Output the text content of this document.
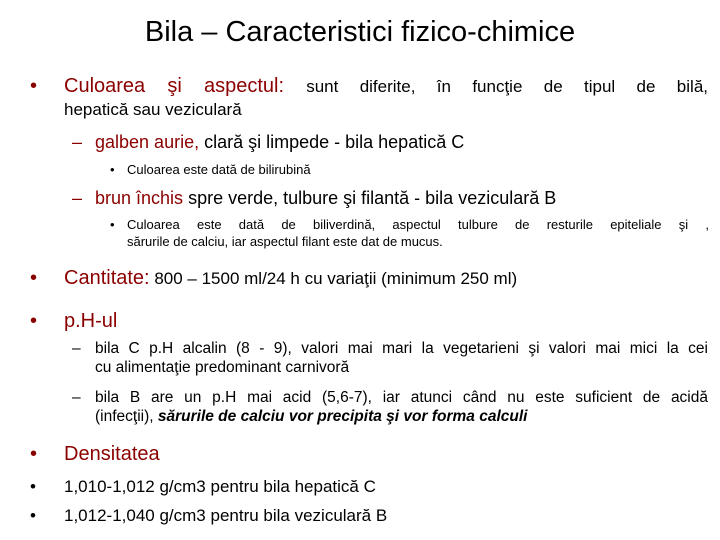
Bila – Caracteristici fizico-chimice
• Culoarea şi aspectul: sunt diferite, în funcţie de tipul de bilă,
hepatică sau veziculară
– galben aurie, clară şi limpede - bila hepatică C
• Culoarea este dată de bilirubină
– brun închis spre verde, tulbure şi filantă - bila veziculară B
• Culoarea este dată de biliverdină, aspectul tulbure de resturile epiteliale şi ,
sărurile de calciu, iar aspectul filant este dat de mucus.
• Cantitate: 800 – 1500 ml/24 h cu variaţii (minimum 250 ml)
• p.H-ul
– bila C p.H alcalin (8 - 9), valori mai mari la vegetarieni şi valori mai mici la cei
cu alimentaţie predominant carnivoră
– bila B are un p.H mai acid (5,6-7), iar atunci când nu este suficient de acidă
(infecţii), sărurile de calciu vor precipita şi vor forma calculi
• Densitatea
• 1,010-1,012 g/cm3 pentru bila hepatică C
• 1,012-1,040 g/cm3 pentru bila veziculară B
